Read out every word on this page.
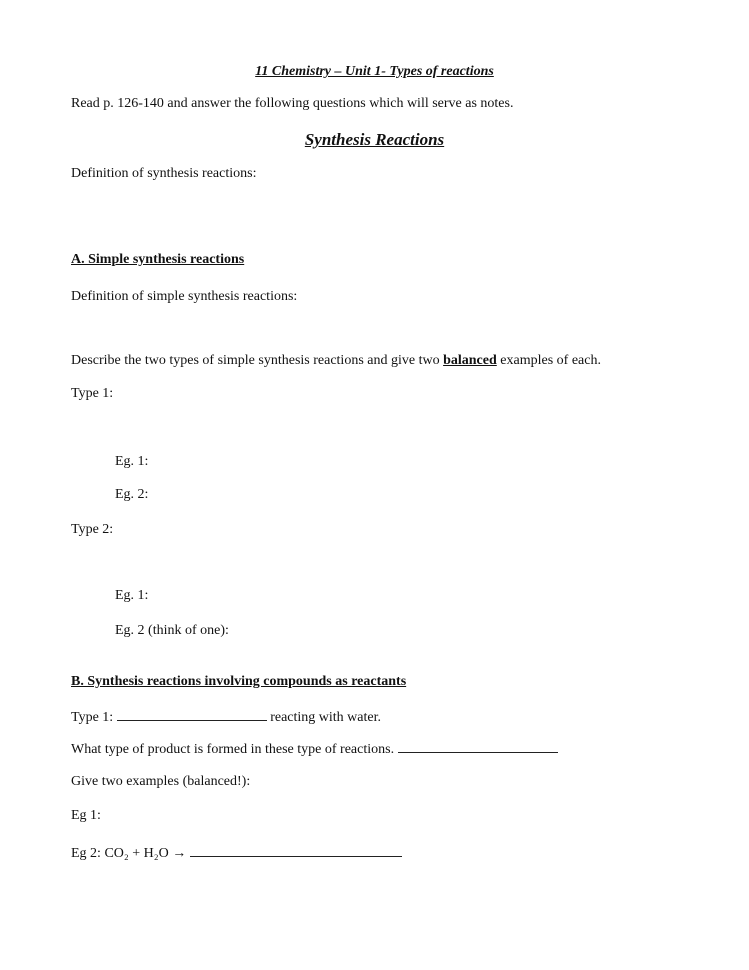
11 Chemistry – Unit 1- Types of reactions
Read p. 126-140 and answer the following questions which will serve as notes.
Synthesis Reactions
Definition of synthesis reactions:
A. Simple synthesis reactions
Definition of simple synthesis reactions:
Describe the two types of simple synthesis reactions and give two balanced examples of each.
Type 1:
Eg. 1:
Eg. 2:
Type 2:
Eg. 1:
Eg. 2 (think of one):
B. Synthesis reactions involving compounds as reactants
Type 1:	reacting with water.
What type of product is formed in these type of reactions.
Give two examples (balanced!):
Eg 1:
Eg 2: CO₂ + H₂O →
